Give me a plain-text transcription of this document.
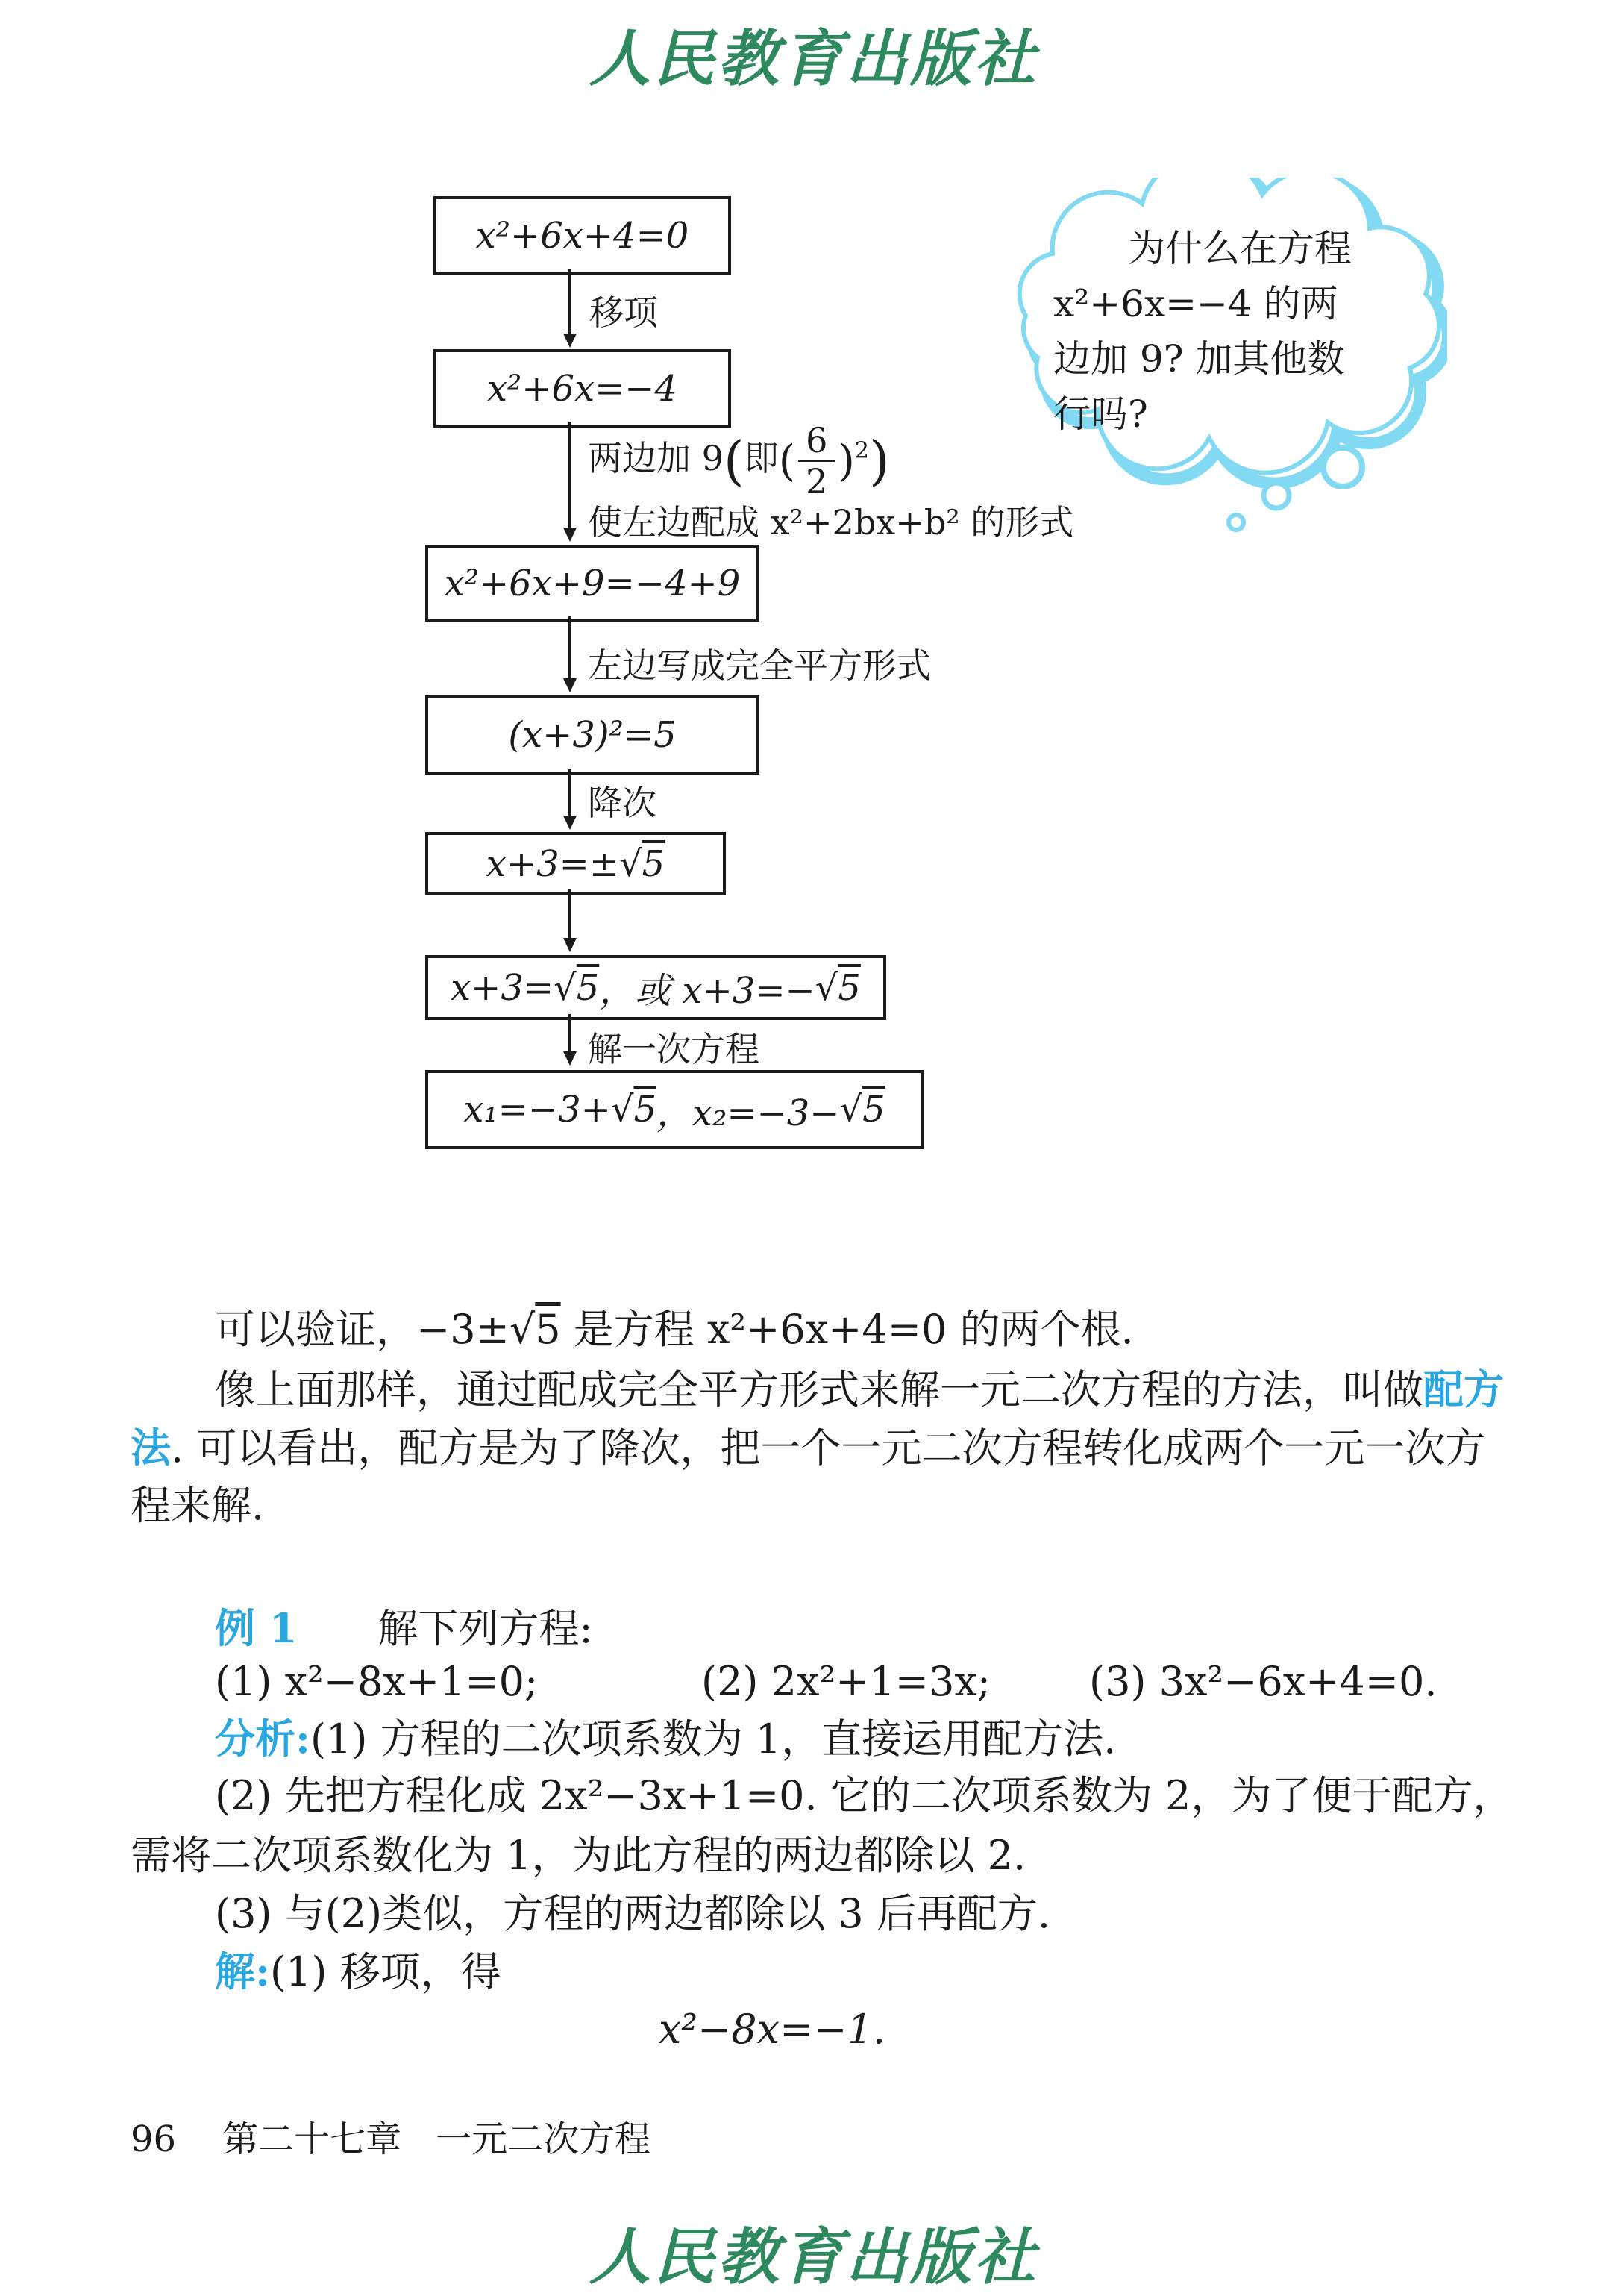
人民教育出版社
x²+6x+4=0
移项
x²+6x=−4
两边加 9(即( $\frac{6}{2} )^2$)
使左边配成 x²+2bx+b² 的形式
x²+6x+9=−4+9
左边写成完全平方形式
(x+3)²=5
降次
x+3=± √ 5
x+3= √ 5 ，或 x+3=− √ 5
解一次方程
x₁=−3+ √ 5 ，x₂=−3− √ 5
为什么在方程
x²+6x=−4 的两
边加 9? 加其他数
行吗?
可以验证，−3±√5 是方程 x²+6x+4=0 的两个根.
像上面那样，通过配成完全平方形式来解一元二次方程的方法，叫做配方
法. 可以看出，配方是为了降次，把一个一元二次方程转化成两个一元一次方
程来解.
例 1 解下列方程:
(1) x²−8x+1=0;	(2) 2x²+1=3x; (3) 3x²−6x+4=0.
分析:(1) 方程的二次项系数为 1，直接运用配方法.
(2) 先把方程化成 2x²−3x+1=0. 它的二次项系数为 2，为了便于配方，
需将二次项系数化为 1，为此方程的两边都除以 2.
(3) 与(2)类似，方程的两边都除以 3 后再配方.
解:(1) 移项，得
x²−8x=−1.
96 第二十七章 一元二次方程
人民教育出版社
